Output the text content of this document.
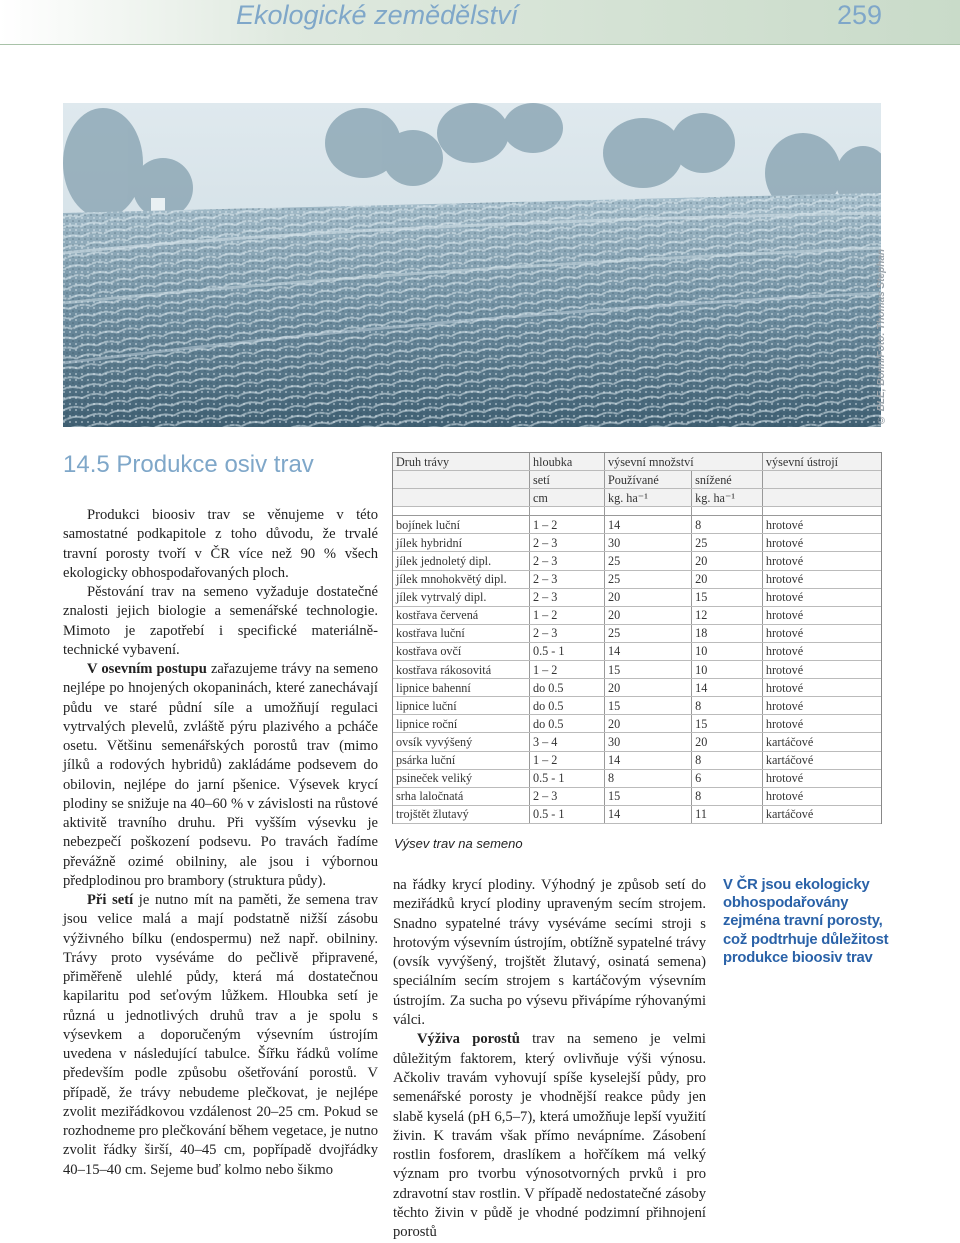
Ekologické zemědělství	259
© BLE, Bonn/Foto: Thomas Stephan
14.5 Produkce osiv trav

Produkci bioosiv trav se věnujeme v této samostatné podkapitole z toho důvodu, že trvalé travní porosty tvoří v ČR více než 90 % všech ekologicky obhospodařovaných ploch.

Pěstování trav na semeno vyžaduje dostatečné znalosti jejich biologie a semenářské technologie. Mimoto je zapotřebí i specifické materiálně-technické vybavení.

V osevním postupu zařazujeme trávy na semeno nejlépe po hnojených okopaninách, které zanechávají půdu ve staré půdní síle a umožňují regulaci vytrvalých plevelů, zvláště pýru plazivého a pcháče osetu. Většinu semenářských porostů trav (mimo jílků a rodových hybridů) zakládáme podsevem do obilovin, nejlépe do jarní pšenice. Výsevek krycí plodiny se snižuje na 40–60 % v závislosti na růstové aktivitě travního druhu. Při vyšším výsevku je nebezpečí poškození podsevu. Po travách řadíme převážně ozimé obilniny, ale jsou i výbornou předplodinou pro brambory (struktura půdy).

Při setí je nutno mít na paměti, že semena trav jsou velice malá a mají podstatně nižší zásobu výživného bílku (endospermu) než např. obilniny. Trávy proto vyséváme do pečlivě připravené, přiměřeně ulehlé půdy, která má dostatečnou kapilaritu pod seťovým lůžkem. Hloubka setí je různá u jednotlivých druhů trav a je spolu s výsevkem a doporučeným výsevním ústrojím uvedena v následující tabulce. Šířku řádků volíme především podle způsobu ošetřování porostů. V případě, že trávy nebudeme plečkovat, je nejlépe zvolit meziřádkovou vzdálenost 20–25 cm. Pokud se rozhodneme pro plečkování během vegetace, je nutno zvolit řádky širší, 40–45 cm, popřípadě dvojřádky 40–15–40 cm. Sejeme buď kolmo nebo šikmo

Druh trávy	hloubka	výsevní množství		výsevní ústrojí
	setí	Používané	snížené	
	cm	kg. ha⁻¹	kg. ha⁻¹	

bojínek luční	1 – 2	14	8	hrotové
jílek hybridní	2 – 3	30	25	hrotové
jílek jednoletý dipl.	2 – 3	25	20	hrotové
jílek mnohokvětý dipl.	2 – 3	25	20	hrotové
jílek vytrvalý dipl.	2 – 3	20	15	hrotové
kostřava červená	1 – 2	20	12	hrotové
kostřava luční	2 – 3	25	18	hrotové
kostřava ovčí	0.5 - 1	14	10	hrotové
kostřava rákosovitá	1 – 2	15	10	hrotové
lipnice bahenní	do 0.5	20	14	hrotové
lipnice luční	do 0.5	15	8	hrotové
lipnice roční	do 0.5	20	15	hrotové
ovsík vyvýšený	3 – 4	30	20	kartáčové
psárka luční	1 – 2	14	8	kartáčové
psineček veliký	0.5 - 1	8	6	hrotové
srha laločnatá	2 – 3	15	8	hrotové
trojštět žlutavý	0.5 - 1	14	11	kartáčové
Výsev trav na semeno

na řádky krycí plodiny. Výhodný je způsob setí do meziřádků krycí plodiny upraveným secím strojem. Snadno sypatelné trávy vyséváme secími stroji s hrotovým výsevním ústrojím, obtížně sypatelné trávy (ovsík vyvýšený, trojštět žlutavý, osinatá semena) speciálním secím strojem s kartáčovým výsevním ústrojím. Za sucha po výsevu přivápíme rýhovanými válci.

Výživa porostů trav na semeno je velmi důležitým faktorem, který ovlivňuje výši výnosu. Ačkoliv travám vyhovují spíše kyselejší půdy, pro semenářské porosty je vhodnější reakce půdy jen slabě kyselá (pH 6,5–7), která umožňuje lepší využití živin. K travám však přímo nevápníme. Zásobení rostlin fosforem, draslíkem a hořčíkem má velký význam pro tvorbu výnosotvorných prvků i pro zdravotní stav rostlin. V případě nedostatečné zásoby těchto živin v půdě je vhodné podzimní přihnojení porostů

V ČR jsou ekologicky obhospodařovány zejména travní porosty, což podtrhuje důležitost produkce bioosiv trav
